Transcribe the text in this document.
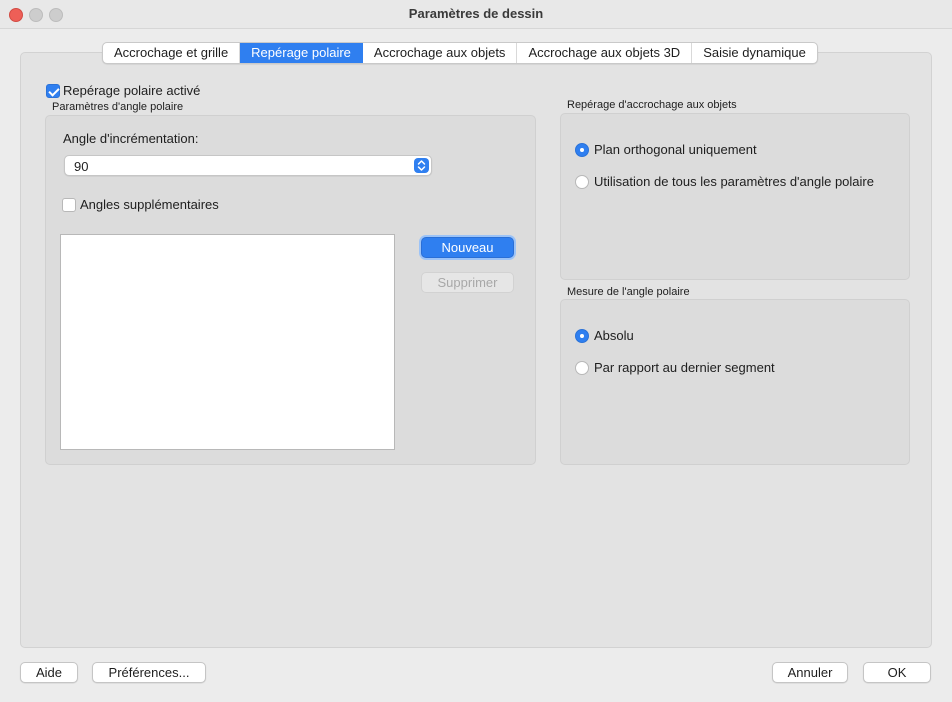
Paramètres de dessin
Accrochage et grille	Repérage polaire	Accrochage aux objets	Accrochage aux objets 3D	Saisie dynamique
Repérage polaire activé
Paramètres d'angle polaire
Angle d'incrémentation:
90
Angles supplémentaires
Nouveau
Supprimer
Repérage d'accrochage aux objets
Plan orthogonal uniquement
Utilisation de tous les paramètres d'angle polaire
Mesure de l'angle polaire
Absolu
Par rapport au dernier segment
Aide	Préférences...	Annuler	OK
